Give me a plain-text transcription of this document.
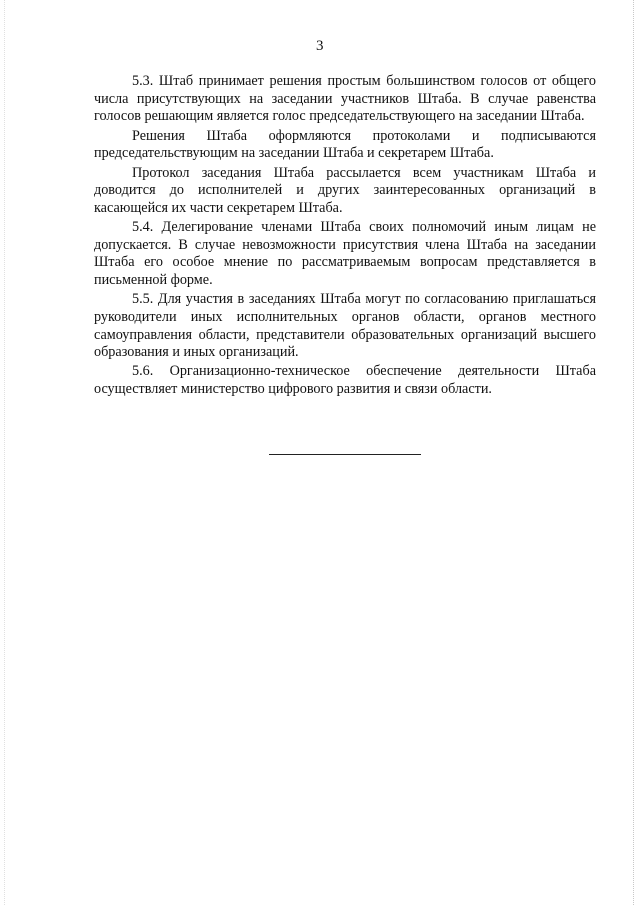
3

5.3. Штаб принимает решения простым большинством голосов от общего числа присутствующих на заседании участников Штаба. В случае равенства голосов решающим является голос председательствующего на заседании Штаба.

Решения Штаба оформляются протоколами и подписываются председательствующим на заседании Штаба и секретарем Штаба.

Протокол заседания Штаба рассылается всем участникам Штаба и доводится до исполнителей и других заинтересованных организаций в касающейся их части секретарем Штаба.

5.4. Делегирование членами Штаба своих полномочий иным лицам не допускается. В случае невозможности присутствия члена Штаба на заседании Штаба его особое мнение по рассматриваемым вопросам представляется в письменной форме.

5.5. Для участия в заседаниях Штаба могут по согласованию приглашаться руководители иных исполнительных органов области, органов местного самоуправления области, представители образовательных организаций высшего образования и иных организаций.

5.6. Организационно-техническое обеспечение деятельности Штаба осуществляет министерство цифрового развития и связи области.
